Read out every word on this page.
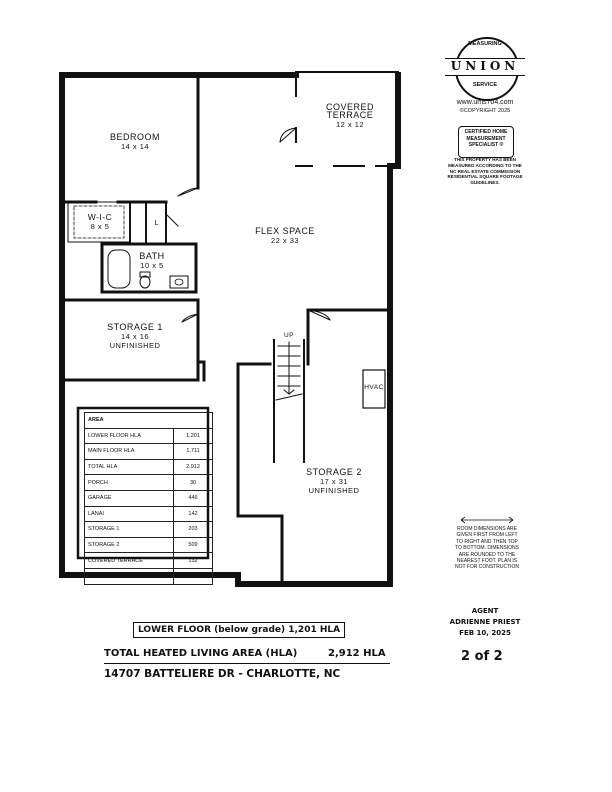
COVERED
TERRACE
12 x 12
BEDROOM
14 x 14
W-I-C
8 x 5	L
BATH
10 x 5
FLEX SPACE
22 x 33
STORAGE 1
14 x 16
UNFINISHED
STORAGE 2
17 x 31
UNFINISHED
HVAC
UP
AREA	
LOWER FLOOR HLA	1,201
MAIN FLOOR HLA	1,711
TOTAL HLA	2,912
PORCH	30
GARAGE	446
LANAI	142
STORAGE 1	203
STORAGE 2	509
COVERED TERRACE	132
TOTAL UNDER ROOF	4,374
MEASURING
UNION
SERVICE
www.ums704.com
©COPYRIGHT 2025
CERTIFIED HOME
MEASUREMENT
SPECIALIST ®
THIS PROPERTY HAS BEEN
MEASURED ACCORDING TO THE
NC REAL ESTATE COMMISSION
RESIDENTIAL SQUARE FOOTAGE
GUIDELINES.
ROOM DIMENSIONS ARE
GIVEN FIRST FROM LEFT
TO RIGHT AND THEN TOP
TO BOTTOM. DIMENSIONS
ARE ROUNDED TO THE
NEAREST FOOT. PLAN IS
NOT FOR CONSTRUCTION
AGENT
ADRIENNE PRIEST
FEB 10, 2025
LOWER FLOOR (below grade) 1,201 HLA
TOTAL HEATED LIVING AREA (HLA)	2,912 HLA
14707 BATTELIERE DR - CHARLOTTE, NC
2 of 2
